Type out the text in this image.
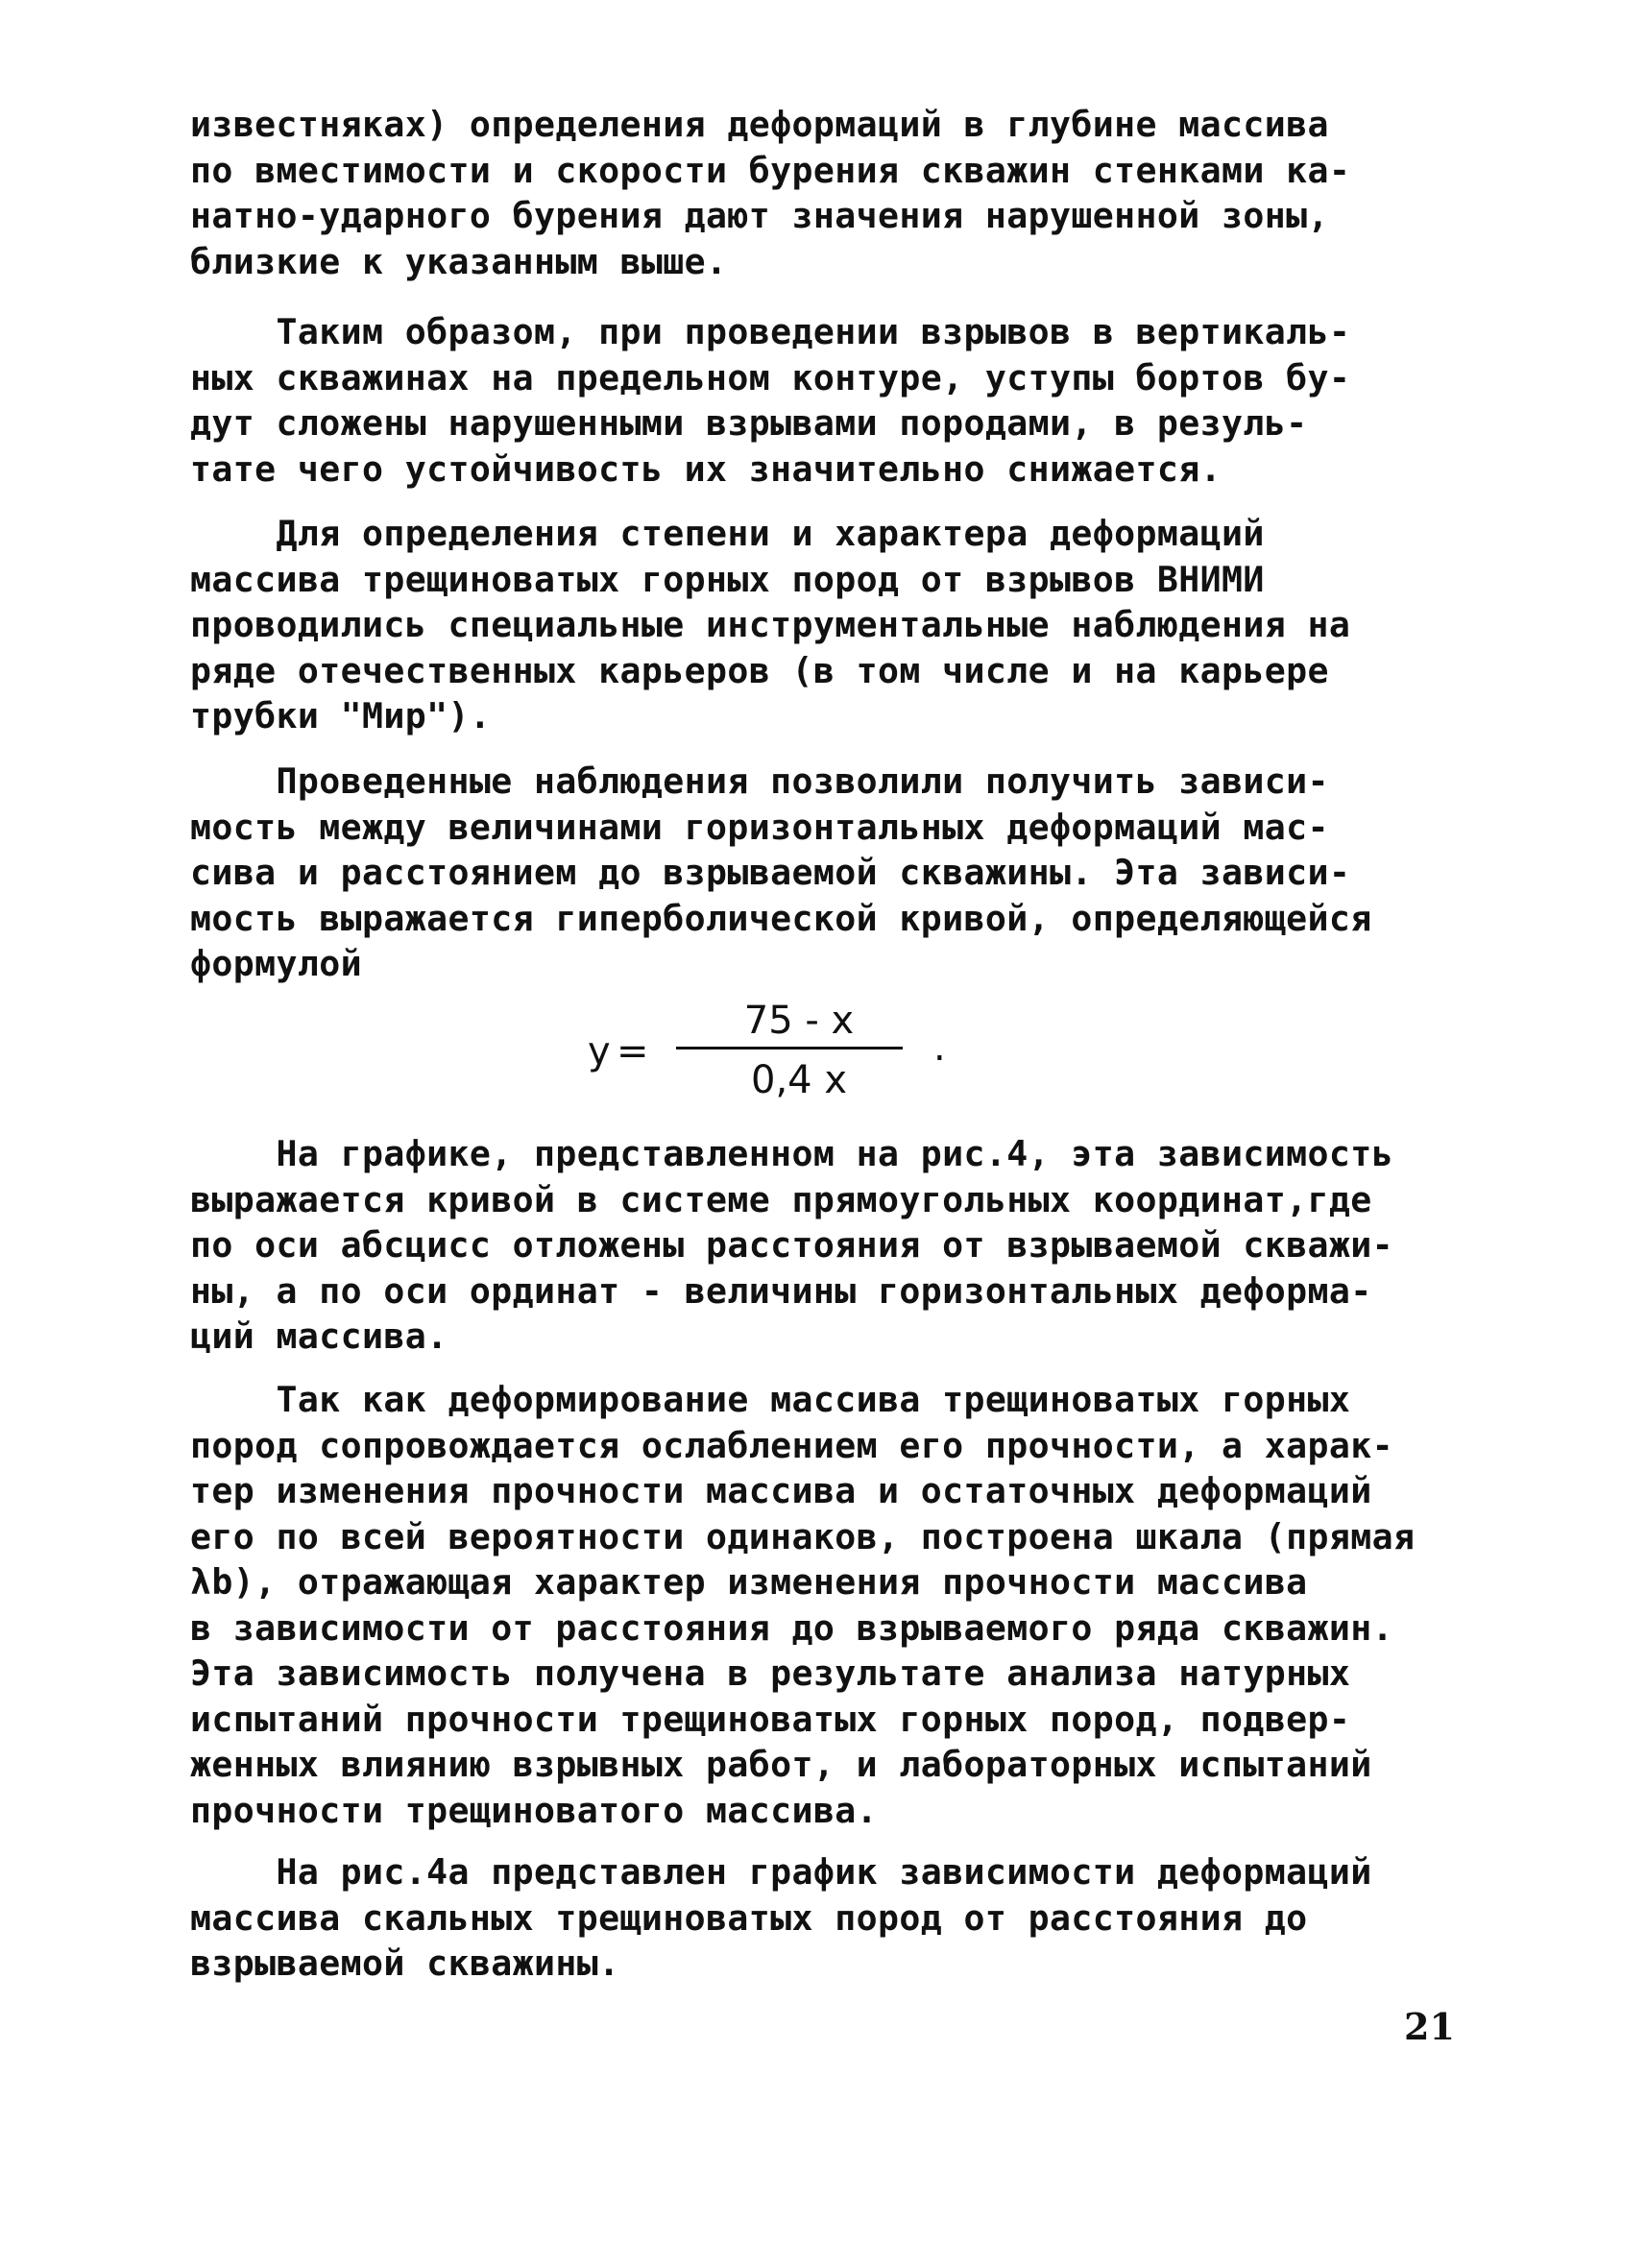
известняках) определения деформаций в глубине массива
по вместимости и скорости бурения скважин стенками ка-
натно-ударного бурения дают значения нарушенной зоны,
близкие к указанным выше.
Таким образом, при проведении взрывов в вертикаль-
ных скважинах на предельном контуре, уступы бортов бу-
дут сложены нарушенными взрывами породами, в резуль-
тате чего устойчивость их значительно снижается.
Для определения степени и характера деформаций
массива трещиноватых горных пород от взрывов ВНИМИ
проводились специальные инструментальные наблюдения на
ряде отечественных карьеров (в том числе и на карьере
трубки "Мир").
Проведенные наблюдения позволили получить зависи-
мость между величинами горизонтальных деформаций мас-
сива и расстоянием до взрываемой скважины. Эта зависи-
мость выражается гиперболической кривой, определяющейся
формулой
y =
75 - x
0,4 x
.
На графике, представленном на рис.4, эта зависимость
выражается кривой в системе прямоугольных координат,где
по оси абсцисс отложены расстояния от взрываемой скважи-
ны, а по оси ординат - величины горизонтальных деформа-
ций массива.
Так как деформирование массива трещиноватых горных
пород сопровождается ослаблением его прочности, а харак-
тер изменения прочности массива и остаточных деформаций
его по всей вероятности одинаков, построена шкала (прямая
λb), отражающая характер изменения прочности массива
в зависимости от расстояния до взрываемого ряда скважин.
Эта зависимость получена в результате анализа натурных
испытаний прочности трещиноватых горных пород, подвер-
женных влиянию взрывных работ, и лабораторных испытаний
прочности трещиноватого массива.
На рис.4а представлен график зависимости деформаций
массива скальных трещиноватых пород от расстояния до
взрываемой скважины.
21
